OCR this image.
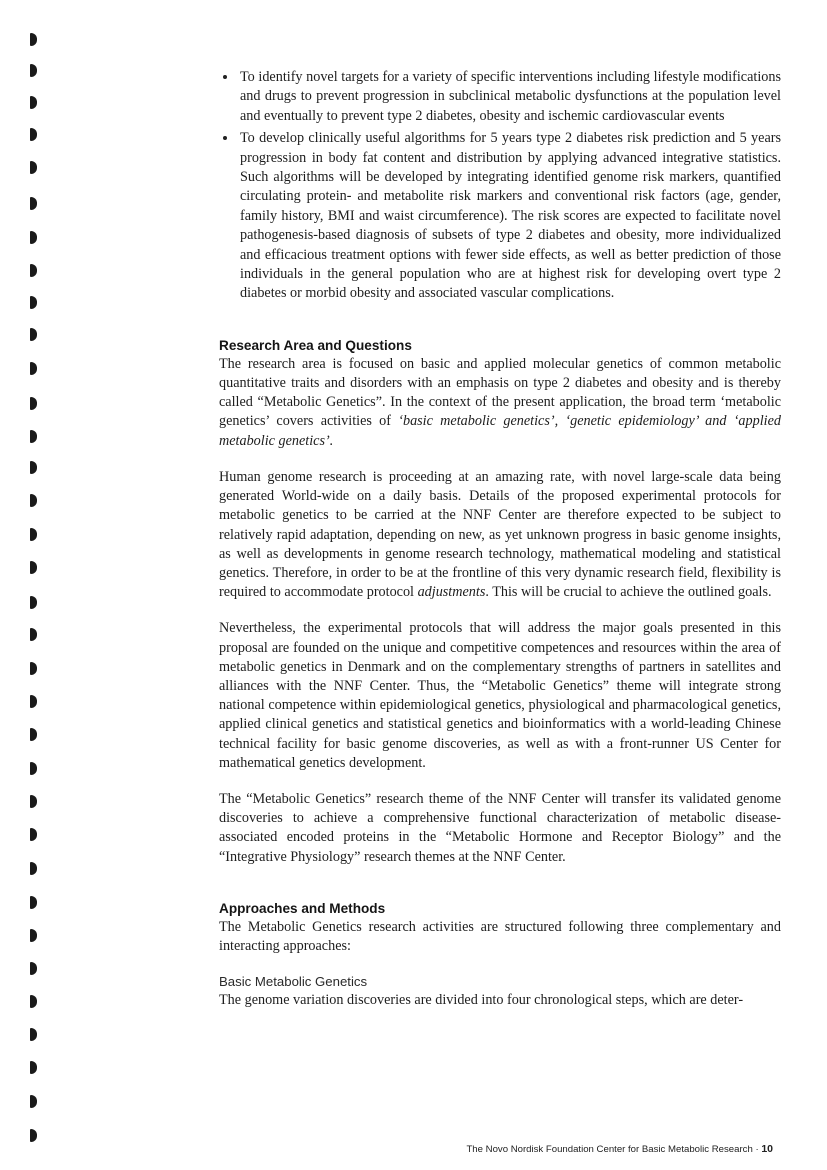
To identify novel targets for a variety of specific interventions including lifestyle modifications and drugs to prevent progression in subclinical metabolic dysfunctions at the population level and eventually to prevent type 2 diabetes, obesity and ischemic cardiovascular events
To develop clinically useful algorithms for 5 years type 2 diabetes risk prediction and 5 years progression in body fat content and distribution by applying advanced integrative statistics. Such algorithms will be developed by integrating identified genome risk markers, quantified circulating protein- and metabolite risk markers and conventional risk factors (age, gender, family history, BMI and waist circumference). The risk scores are expected to facilitate novel pathogenesis-based diagnosis of subsets of type 2 diabetes and obesity, more individualized and efficacious treatment options with fewer side effects, as well as better prediction of those individuals in the general population who are at highest risk for developing overt type 2 diabetes or morbid obesity and associated vascular complications.
Research Area and Questions

The research area is focused on basic and applied molecular genetics of common metabolic quantitative traits and disorders with an emphasis on type 2 diabetes and obesity and is thereby called “Metabolic Genetics”. In the context of the present application, the broad term ‘metabolic genetics’ covers activities of ‘basic metabolic genetics’, ‘genetic epidemiology’ and ‘applied metabolic genetics’.

Human genome research is proceeding at an amazing rate, with novel large-scale data being generated World-wide on a daily basis. Details of the proposed experimental protocols for metabolic genetics to be carried at the NNF Center are therefore expected to be subject to relatively rapid adaptation, depending on new, as yet unknown progress in basic genome insights, as well as developments in genome research technology, mathematical modeling and statistical genetics. Therefore, in order to be at the frontline of this very dynamic research field, flexibility is required to accommodate protocol adjustments. This will be crucial to achieve the outlined goals.

Nevertheless, the experimental protocols that will address the major goals presented in this proposal are founded on the unique and competitive competences and resources within the area of metabolic genetics in Denmark and on the complementary strengths of partners in satellites and alliances with the NNF Center. Thus, the “Metabolic Genetics” theme will integrate strong national competence within epidemiological genetics, physiological and pharmacological genetics, applied clinical genetics and statistical genetics and bioinformatics with a world-leading Chinese technical facility for basic genome discoveries, as well as with a front-runner US Center for mathematical genetics development.

The “Metabolic Genetics” research theme of the NNF Center will transfer its validated genome discoveries to achieve a comprehensive functional characterization of metabolic disease-associated encoded proteins in the “Metabolic Hormone and Receptor Biology” and the “Integrative Physiology” research themes at the NNF Center.

Approaches and Methods

The Metabolic Genetics research activities are structured following three complementary and interacting approaches:

Basic Metabolic Genetics

The genome variation discoveries are divided into four chronological steps, which are deter-

The Novo Nordisk Foundation Center for Basic Metabolic Research · 10
